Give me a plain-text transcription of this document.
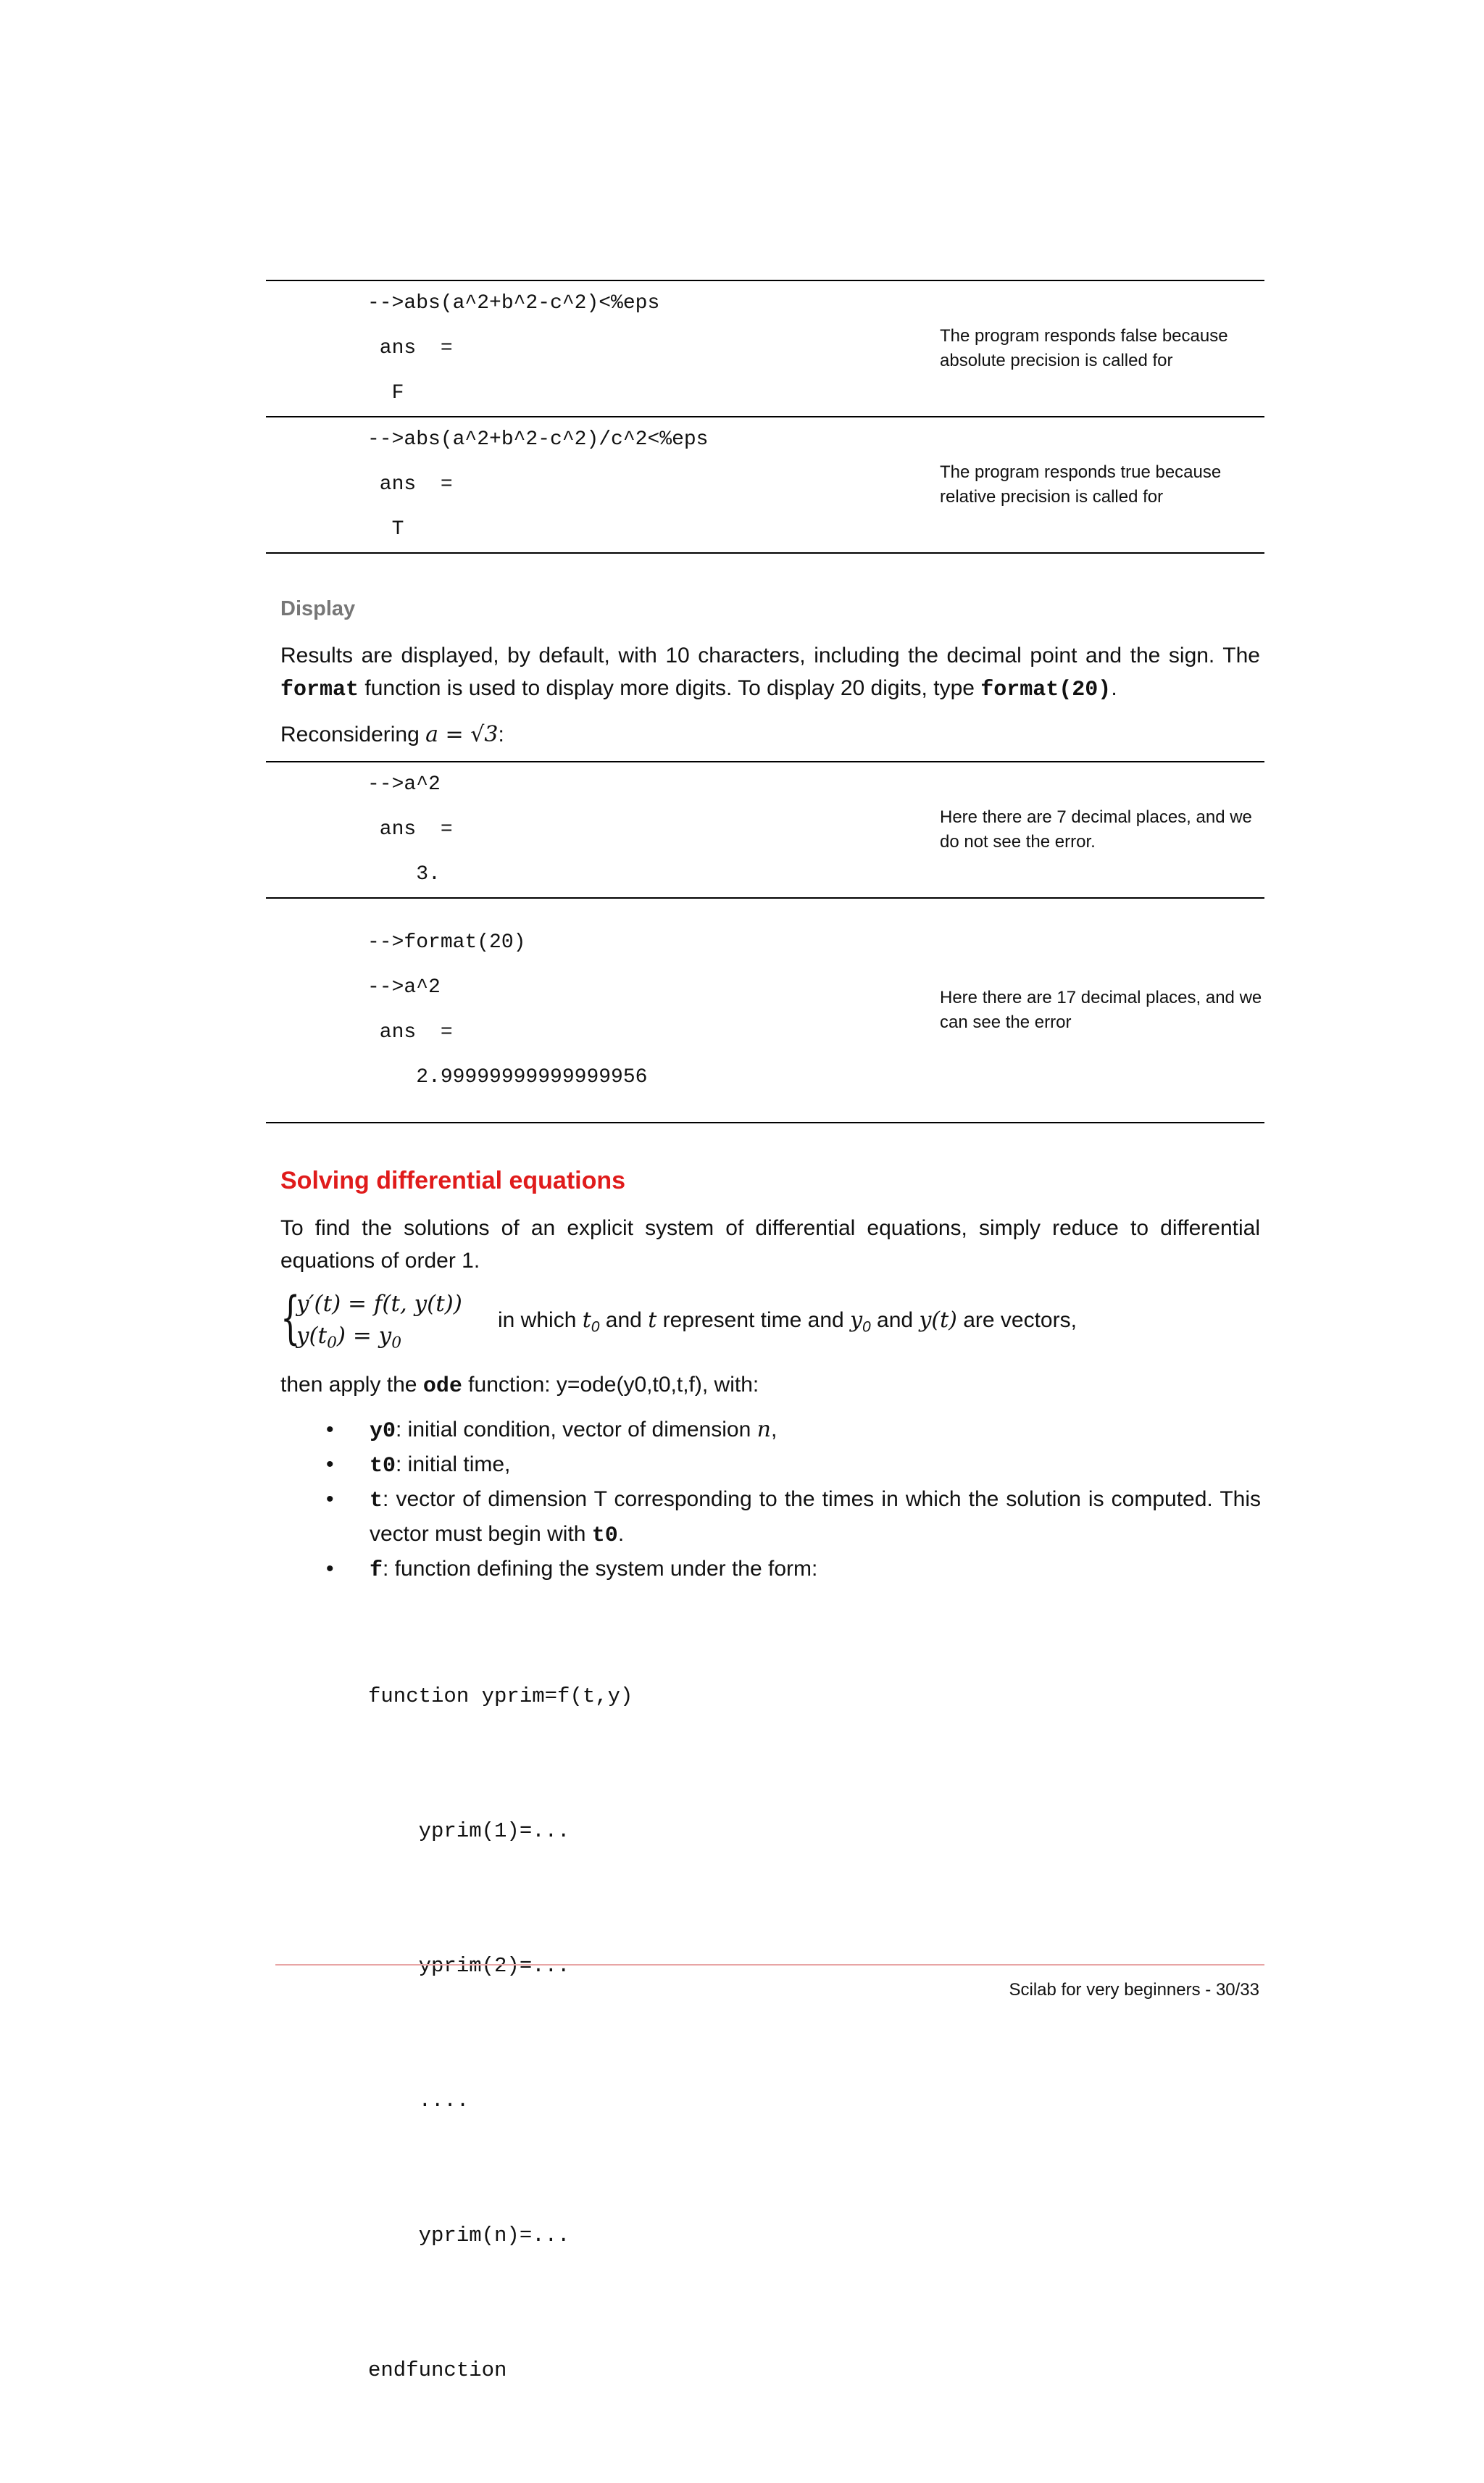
-->abs(a^2+b^2-c^2)<%eps
ans  =
F	The program responds false because absolute precision is called for

-->abs(a^2+b^2-c^2)/c^2<%eps
ans  =
T	The program responds true because relative precision is called for
Display
Results are displayed, by default, with 10 characters, including the decimal point and the sign. The format function is used to display more digits. To display 20 digits, type format(20).
Reconsidering a = √3:
-->a^2
ans  =
3.	Here there are 7 decimal places, and we do not see the error.

-->format(20)
-->a^2
ans  =
2.99999999999999956	Here there are 17 decimal places, and we can see the error
Solving differential equations
To find the solutions of an explicit system of differential equations, simply reduce to differential equations of order 1.
{
y′(t) = f(t, y(t))
$y(t_0) = y_0$
in which $t_0$ and t represent time and $y_0$ and y(t) are vectors,
then apply the ode function: y=ode(y0,t0,t,f), with:
• y0: initial condition, vector of dimension n,
• t0: initial time,
• t: vector of dimension T corresponding to the times in which the solution is computed. This vector must begin with t0.
• f: function defining the system under the form:

function yprim=f(t,y)

yprim(1)=...

yprim(2)=...

....

yprim(n)=...

endfunction

Scilab for very beginners - 30/33
